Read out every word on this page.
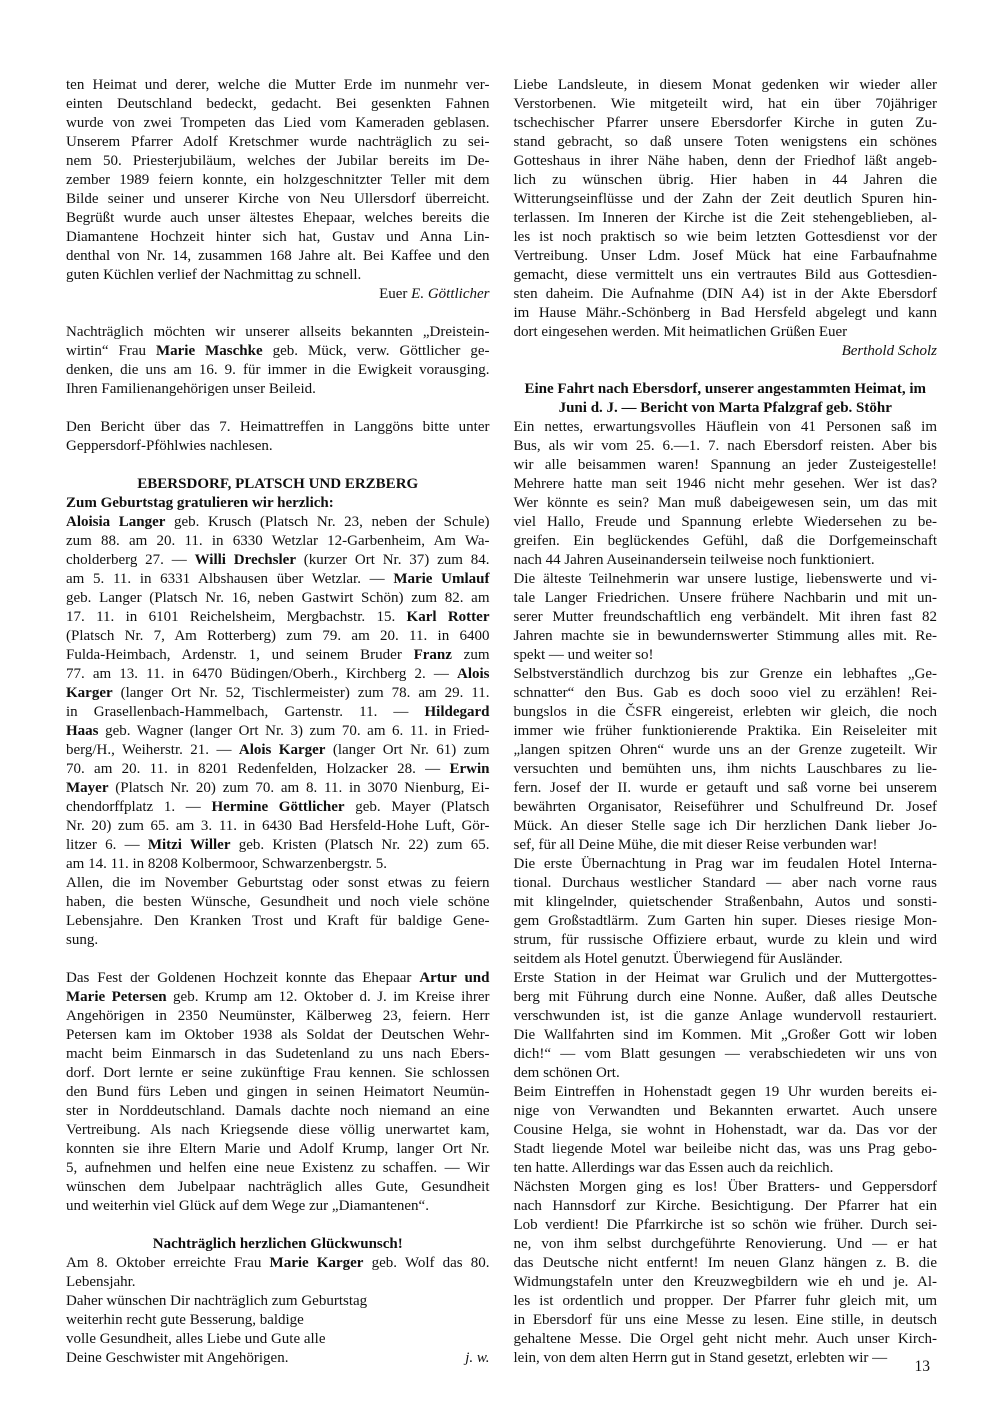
ten Heimat und derer, welche die Mutter Erde im nunmehr ver-
einten Deutschland bedeckt, gedacht. Bei gesenkten Fahnen
wurde von zwei Trompeten das Lied vom Kameraden geblasen.
Unserem Pfarrer Adolf Kretschmer wurde nachträglich zu sei-
nem 50. Priesterjubiläum, welches der Jubilar bereits im De-
zember 1989 feiern konnte, ein holzgeschnitzter Teller mit dem
Bilde seiner und unserer Kirche von Neu Ullersdorf überreicht.
Begrüßt wurde auch unser ältestes Ehepaar, welches bereits die
Diamantene Hochzeit hinter sich hat, Gustav und Anna Lin-
denthal von Nr. 14, zusammen 168 Jahre alt. Bei Kaffee und den
guten Küchlen verlief der Nachmittag zu schnell.
Euer E. Göttlicher
Nachträglich möchten wir unserer allseits bekannten „Dreistein-
wirtin“ Frau Marie Maschke geb. Mück, verw. Göttlicher ge-
denken, die uns am 16. 9. für immer in die Ewigkeit vorausging.
Ihren Familienangehörigen unser Beileid.
Den Bericht über das 7. Heimattreffen in Langgöns bitte unter
Geppersdorf-Pföhlwies nachlesen.
EBERSDORF, PLATSCH UND ERZBERG
Zum Geburtstag gratulieren wir herzlich:
Aloisia Langer geb. Krusch (Platsch Nr. 23, neben der Schule)
zum 88. am 20. 11. in 6330 Wetzlar 12-Garbenheim, Am Wa-
cholderberg 27. — Willi Drechsler (kurzer Ort Nr. 37) zum 84.
am 5. 11. in 6331 Albshausen über Wetzlar. — Marie Umlauf
geb. Langer (Platsch Nr. 16, neben Gastwirt Schön) zum 82. am
17. 11. in 6101 Reichelsheim, Mergbachstr. 15. Karl Rotter
(Platsch Nr. 7, Am Rotterberg) zum 79. am 20. 11. in 6400
Fulda-Heimbach, Ardenstr. 1, und seinem Bruder Franz zum
77. am 13. 11. in 6470 Büdingen/Oberh., Kirchberg 2. — Alois
Karger (langer Ort Nr. 52, Tischlermeister) zum 78. am 29. 11.
in Grasellenbach-Hammelbach, Gartenstr. 11. — Hildegard
Haas geb. Wagner (langer Ort Nr. 3) zum 70. am 6. 11. in Fried-
berg/H., Weiherstr. 21. — Alois Karger (langer Ort Nr. 61) zum
70. am 20. 11. in 8201 Redenfelden, Holzacker 28. — Erwin
Mayer (Platsch Nr. 20) zum 70. am 8. 11. in 3070 Nienburg, Ei-
chendorffplatz 1. — Hermine Göttlicher geb. Mayer (Platsch
Nr. 20) zum 65. am 3. 11. in 6430 Bad Hersfeld-Hohe Luft, Gör-
litzer 6. — Mitzi Willer geb. Kristen (Platsch Nr. 22) zum 65.
am 14. 11. in 8208 Kolbermoor, Schwarzenbergstr. 5.
Allen, die im November Geburtstag oder sonst etwas zu feiern
haben, die besten Wünsche, Gesundheit und noch viele schöne
Lebensjahre. Den Kranken Trost und Kraft für baldige Gene-
sung.
Das Fest der Goldenen Hochzeit konnte das Ehepaar Artur und
Marie Petersen geb. Krump am 12. Oktober d. J. im Kreise ihrer
Angehörigen in 2350 Neumünster, Kälberweg 23, feiern. Herr
Petersen kam im Oktober 1938 als Soldat der Deutschen Wehr-
macht beim Einmarsch in das Sudetenland zu uns nach Ebers-
dorf. Dort lernte er seine zukünftige Frau kennen. Sie schlossen
den Bund fürs Leben und gingen in seinen Heimatort Neumün-
ster in Norddeutschland. Damals dachte noch niemand an eine
Vertreibung. Als nach Kriegsende diese völlig unerwartet kam,
konnten sie ihre Eltern Marie und Adolf Krump, langer Ort Nr.
5, aufnehmen und helfen eine neue Existenz zu schaffen. — Wir
wünschen dem Jubelpaar nachträglich alles Gute, Gesundheit
und weiterhin viel Glück auf dem Wege zur „Diamantenen“.
Nachträglich herzlichen Glückwunsch!
Am 8. Oktober erreichte Frau Marie Karger geb. Wolf das 80.
Lebensjahr.
Daher wünschen Dir nachträglich zum Geburtstag
weiterhin recht gute Besserung, baldige
volle Gesundheit, alles Liebe und Gute alle
Deine Geschwister mit Angehörigen.	j. w.
Liebe Landsleute, in diesem Monat gedenken wir wieder aller
Verstorbenen. Wie mitgeteilt wird, hat ein über 70jähriger
tschechischer Pfarrer unsere Ebersdorfer Kirche in guten Zu-
stand gebracht, so daß unsere Toten wenigstens ein schönes
Gotteshaus in ihrer Nähe haben, denn der Friedhof läßt angeb-
lich zu wünschen übrig. Hier haben in 44 Jahren die
Witterungseinflüsse und der Zahn der Zeit deutlich Spuren hin-
terlassen. Im Inneren der Kirche ist die Zeit stehengeblieben, al-
les ist noch praktisch so wie beim letzten Gottesdienst vor der
Vertreibung. Unser Ldm. Josef Mück hat eine Farbaufnahme
gemacht, diese vermittelt uns ein vertrautes Bild aus Gottesdien-
sten daheim. Die Aufnahme (DIN A4) ist in der Akte Ebersdorf
im Hause Mähr.-Schönberg in Bad Hersfeld abgelegt und kann
dort eingesehen werden. Mit heimatlichen Grüßen Euer
Berthold Scholz
Eine Fahrt nach Ebersdorf, unserer angestammten Heimat, im
Juni d. J. — Bericht von Marta Pfalzgraf geb. Stöhr
Ein nettes, erwartungsvolles Häuflein von 41 Personen saß im
Bus, als wir vom 25. 6.—1. 7. nach Ebersdorf reisten. Aber bis
wir alle beisammen waren! Spannung an jeder Zusteigestelle!
Mehrere hatte man seit 1946 nicht mehr gesehen. Wer ist das?
Wer könnte es sein? Man muß dabeigewesen sein, um das mit
viel Hallo, Freude und Spannung erlebte Wiedersehen zu be-
greifen. Ein beglückendes Gefühl, daß die Dorfgemeinschaft
nach 44 Jahren Auseinandersein teilweise noch funktioniert.
Die älteste Teilnehmerin war unsere lustige, liebenswerte und vi-
tale Langer Friedrichen. Unsere frühere Nachbarin und mit un-
serer Mutter freundschaftlich eng verbändelt. Mit ihren fast 82
Jahren machte sie in bewundernswerter Stimmung alles mit. Re-
spekt — und weiter so!
Selbstverständlich durchzog bis zur Grenze ein lebhaftes „Ge-
schnatter“ den Bus. Gab es doch sooo viel zu erzählen! Rei-
bungslos in die ČSFR eingereist, erlebten wir gleich, die noch
immer wie früher funktionierende Praktika. Ein Reiseleiter mit
„langen spitzen Ohren“ wurde uns an der Grenze zugeteilt. Wir
versuchten und bemühten uns, ihm nichts Lauschbares zu lie-
fern. Josef der II. wurde er getauft und saß vorne bei unserem
bewährten Organisator, Reiseführer und Schulfreund Dr. Josef
Mück. An dieser Stelle sage ich Dir herzlichen Dank lieber Jo-
sef, für all Deine Mühe, die mit dieser Reise verbunden war!
Die erste Übernachtung in Prag war im feudalen Hotel Interna-
tional. Durchaus westlicher Standard — aber nach vorne raus
mit klingelnder, quietschender Straßenbahn, Autos und sonsti-
gem Großstadtlärm. Zum Garten hin super. Dieses riesige Mon-
strum, für russische Offiziere erbaut, wurde zu klein und wird
seitdem als Hotel genutzt. Überwiegend für Ausländer.
Erste Station in der Heimat war Grulich und der Muttergottes-
berg mit Führung durch eine Nonne. Außer, daß alles Deutsche
verschwunden ist, ist die ganze Anlage wundervoll restauriert.
Die Wallfahrten sind im Kommen. Mit „Großer Gott wir loben
dich!“ — vom Blatt gesungen — verabschiedeten wir uns von
dem schönen Ort.
Beim Eintreffen in Hohenstadt gegen 19 Uhr wurden bereits ei-
nige von Verwandten und Bekannten erwartet. Auch unsere
Cousine Helga, sie wohnt in Hohenstadt, war da. Das vor der
Stadt liegende Motel war beileibe nicht das, was uns Prag gebo-
ten hatte. Allerdings war das Essen auch da reichlich.
Nächsten Morgen ging es los! Über Bratters- und Geppersdorf
nach Hannsdorf zur Kirche. Besichtigung. Der Pfarrer hat ein
Lob verdient! Die Pfarrkirche ist so schön wie früher. Durch sei-
ne, von ihm selbst durchgeführte Renovierung. Und — er hat
das Deutsche nicht entfernt! Im neuen Glanz hängen z. B. die
Widmungstafeln unter den Kreuzwegbildern wie eh und je. Al-
les ist ordentlich und propper. Der Pfarrer fuhr gleich mit, um
in Ebersdorf für uns eine Messe zu lesen. Eine stille, in deutsch
gehaltene Messe. Die Orgel geht nicht mehr. Auch unser Kirch-
lein, von dem alten Herrn gut in Stand gesetzt, erlebten wir —	13
